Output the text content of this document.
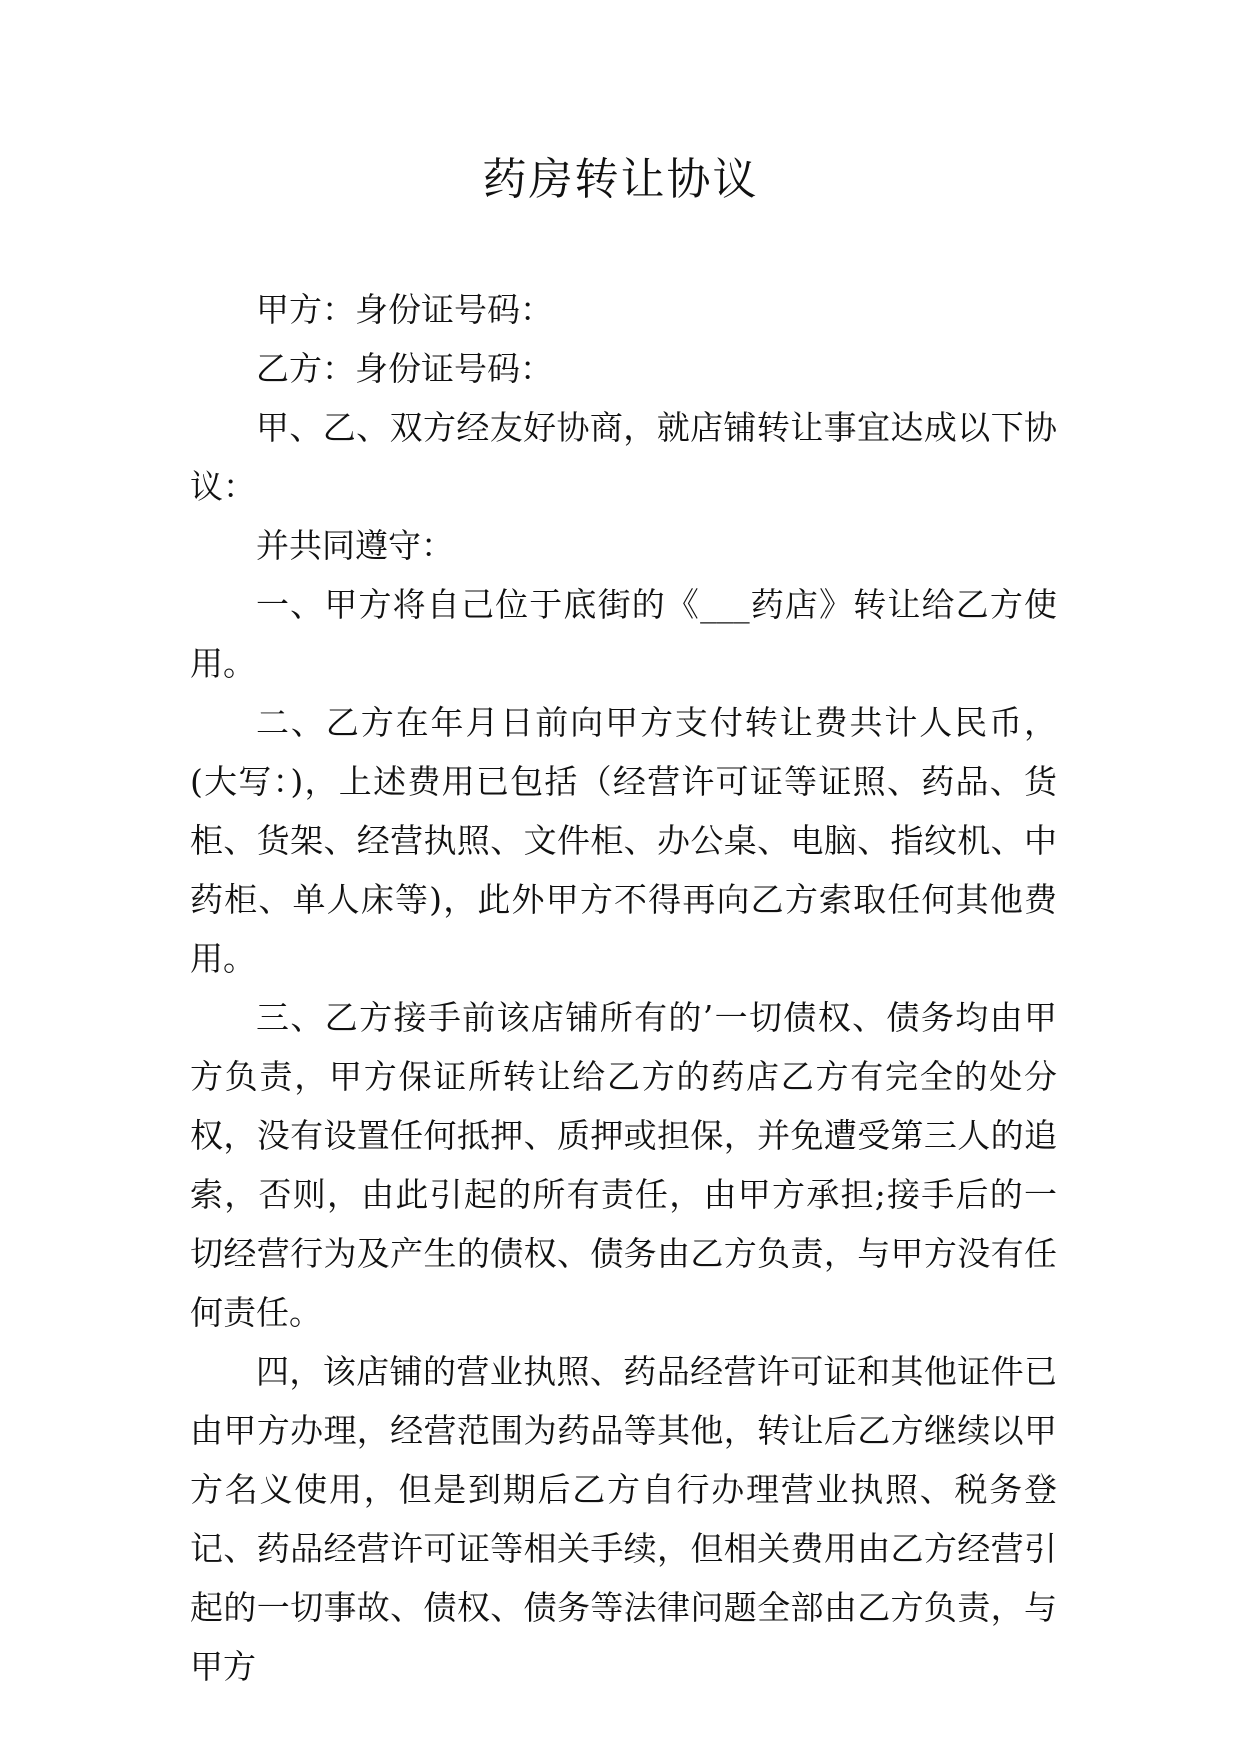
药房转让协议

甲方：身份证号码：

乙方：身份证号码：

甲、乙、双方经友好协商，就店铺转让事宜达成以下协议：

并共同遵守：

一、甲方将自己位于底街的《___药店》转让给乙方使用。

二、乙方在年月日前向甲方支付转让费共计人民币，(大写：)，上述费用已包括（经营许可证等证照、药品、货柜、货架、经营执照、文件柜、办公桌、电脑、指纹机、中药柜、单人床等)，此外甲方不得再向乙方索取任何其他费用。

三、乙方接手前该店铺所有的’一切债权、债务均由甲方负责，甲方保证所转让给乙方的药店乙方有完全的处分权，没有设置任何抵押、质押或担保，并免遭受第三人的追索，否则，由此引起的所有责任，由甲方承担;接手后的一切经营行为及产生的债权、债务由乙方负责，与甲方没有任何责任。

四，该店铺的营业执照、药品经营许可证和其他证件已由甲方办理，经营范围为药品等其他，转让后乙方继续以甲方名义使用，但是到期后乙方自行办理营业执照、税务登记、药品经营许可证等相关手续，但相关费用由乙方经营引起的一切事故、债权、债务等法律问题全部由乙方负责，与甲方
